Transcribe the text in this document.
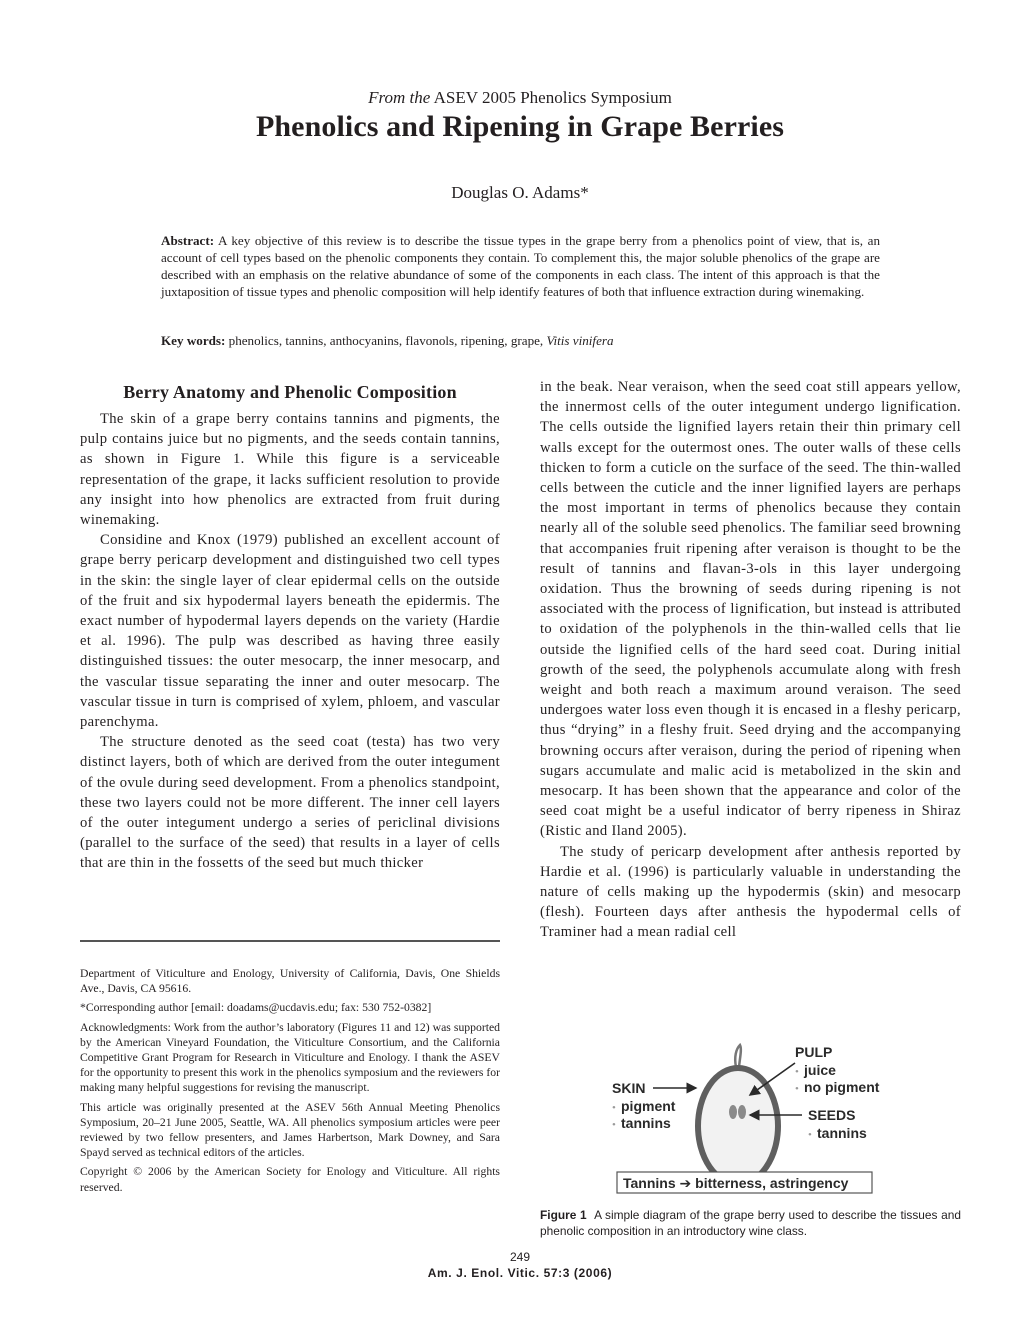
From the ASEV 2005 Phenolics Symposium
Phenolics and Ripening in Grape Berries
Douglas O. Adams*
Abstract: A key objective of this review is to describe the tissue types in the grape berry from a phenolics point of view, that is, an account of cell types based on the phenolic components they contain. To complement this, the major soluble phenolics of the grape are described with an emphasis on the relative abundance of some of the components in each class. The intent of this approach is that the juxtaposition of tissue types and phenolic composition will help identify features of both that influence extraction during winemaking.
Key words: phenolics, tannins, anthocyanins, flavonols, ripening, grape, Vitis vinifera
Berry Anatomy and Phenolic Composition

The skin of a grape berry contains tannins and pigments, the pulp contains juice but no pigments, and the seeds contain tannins, as shown in Figure 1. While this figure is a serviceable representation of the grape, it lacks sufficient resolution to provide any insight into how phenolics are extracted from fruit during winemaking.

Considine and Knox (1979) published an excellent account of grape berry pericarp development and distinguished two cell types in the skin: the single layer of clear epidermal cells on the outside of the fruit and six hypodermal layers beneath the epidermis. The exact number of hypodermal layers depends on the variety (Hardie et al. 1996). The pulp was described as having three easily distinguished tissues: the outer mesocarp, the inner mesocarp, and the vascular tissue separating the inner and outer mesocarp. The vascular tissue in turn is comprised of xylem, phloem, and vascular parenchyma.

The structure denoted as the seed coat (testa) has two very distinct layers, both of which are derived from the outer integument of the ovule during seed development. From a phenolics standpoint, these two layers could not be more different. The inner cell layers of the outer integument undergo a series of periclinal divisions (parallel to the surface of the seed) that results in a layer of cells that are thin in the fossetts of the seed but much thicker

in the beak. Near veraison, when the seed coat still appears yellow, the innermost cells of the outer integument undergo lignification. The cells outside the lignified layers retain their thin primary cell walls except for the outermost ones. The outer walls of these cells thicken to form a cuticle on the surface of the seed. The thin-walled cells between the cuticle and the inner lignified layers are perhaps the most important in terms of phenolics because they contain nearly all of the soluble seed phenolics. The familiar seed browning that accompanies fruit ripening after veraison is thought to be the result of tannins and flavan-3-ols in this layer undergoing oxidation. Thus the browning of seeds during ripening is not associated with the process of lignification, but instead is attributed to oxidation of the polyphenols in the thin-walled cells that lie outside the lignified cells of the hard seed coat. During initial growth of the seed, the polyphenols accumulate along with fresh weight and both reach a maximum around veraison. The seed undergoes water loss even though it is encased in a fleshy pericarp, thus “drying” in a fleshy fruit. Seed drying and the accompanying browning occurs after veraison, during the period of ripening when sugars accumulate and malic acid is metabolized in the skin and mesocarp. It has been shown that the appearance and color of the seed coat might be a useful indicator of berry ripeness in Shiraz (Ristic and Iland 2005).

The study of pericarp development after anthesis reported by Hardie et al. (1996) is particularly valuable in understanding the nature of cells making up the hypodermis (skin) and mesocarp (flesh). Fourteen days after anthesis the hypodermal cells of Traminer had a mean radial cell

Department of Viticulture and Enology, University of California, Davis, One Shields Ave., Davis, CA 95616.

*Corresponding author [email: doadams@ucdavis.edu; fax: 530 752-0382]

Acknowledgments: Work from the author’s laboratory (Figures 11 and 12) was supported by the American Vineyard Foundation, the Viticulture Consortium, and the California Competitive Grant Program for Research in Viticulture and Enology. I thank the ASEV for the opportunity to present this work in the phenolics symposium and the reviewers for making many helpful suggestions for revising the manuscript.

This article was originally presented at the ASEV 56th Annual Meeting Phenolics Symposium, 20–21 June 2005, Seattle, WA. All phenolics symposium articles were peer reviewed by two fellow presenters, and James Harbertson, Mark Downey, and Sara Spayd served as technical editors of the articles.

Copyright © 2006 by the American Society for Enology and Viticulture. All rights reserved.

SKIN
• pigment
• tannins
PULP
• juice
• no pigment
SEEDS
• tannins
Tannins ➔ bitterness, astringency
Figure 1 A simple diagram of the grape berry used to describe the tissues and phenolic composition in an introductory wine class.
249
Am. J. Enol. Vitic. 57:3 (2006)
